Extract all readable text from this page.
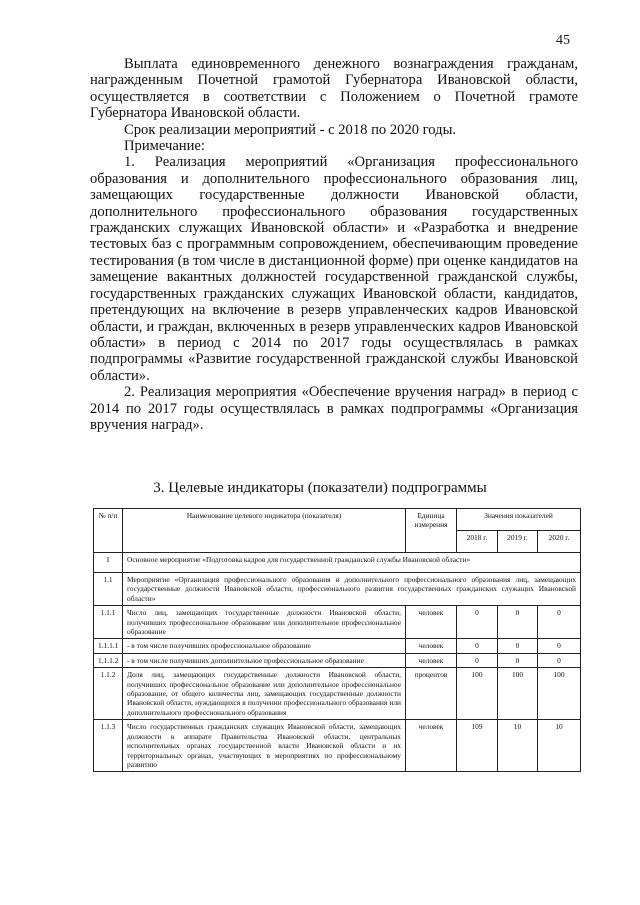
45

Выплата единовременного денежного вознаграждения гражданам, награжденным Почетной грамотой Губернатора Ивановской области, осуществляется в соответствии с Положением о Почетной грамоте Губернатора Ивановской области.

Срок реализации мероприятий - с 2018 по 2020 годы.

Примечание:

1. Реализация мероприятий «Организация профессионального образования и дополнительного профессионального образования лиц, замещающих государственные должности Ивановской области, дополнительного профессионального образования государственных гражданских служащих Ивановской области» и «Разработка и внедрение тестовых баз с программным сопровождением, обеспечивающим проведение тестирования (в том числе в дистанционной форме) при оценке кандидатов на замещение вакантных должностей государственной гражданской службы, государственных гражданских служащих Ивановской области, кандидатов, претендующих на включение в резерв управленческих кадров Ивановской области, и граждан, включенных в резерв управленческих кадров Ивановской области» в период с 2014 по 2017 годы осуществлялась в рамках подпрограммы «Развитие государственной гражданской службы Ивановской области».

2. Реализация мероприятия «Обеспечение вручения наград» в период с 2014 по 2017 годы осуществлялась в рамках подпрограммы «Организация вручения наград».

3. Целевые индикаторы (показатели) подпрограммы
№ п/п	Наименование целевого индикатора (показателя)	Единица измерения	Значения показателей		
			2018 г.	2019 г.	2020 г.
I	Основное мероприятие «Подготовка кадров для государственной гражданской службы Ивановской области»				
1.1	Мероприятие «Организация профессионального образования и дополнительного профессионального образования лиц, замещающих государственные должности Ивановской области, профессионального развития государственных гражданских служащих Ивановской области»				
1.1.1	Число лиц, замещающих государственные должности Ивановской области, получивших профессиональное образование или дополнительное профессиональное образование	человек	0	0	0
1.1.1.1	- в том числе получивших профессиональное образование	человек	0	0	0
1.1.1.2	- в том числе получивших дополнительное профессиональное образование	человек	0	0	0
1.1.2	Доля лиц, замещающих государственные должности Ивановской области, получивших профессиональное образование или дополнительное профессиональное образование, от общего количества лиц, замещающих государственные должности Ивановской области, нуждающихся в получении профессионального образования или дополнительного профессионального образования	процентов	100	100	100
1.1.3	Число государственных гражданских служащих Ивановской области, замещающих должности в аппарате Правительства Ивановской области, центральных исполнительных органах государственной власти Ивановской области и их территориальных органах, участвующих в мероприятиях по профессиональному развитию	человек	109	10	10
